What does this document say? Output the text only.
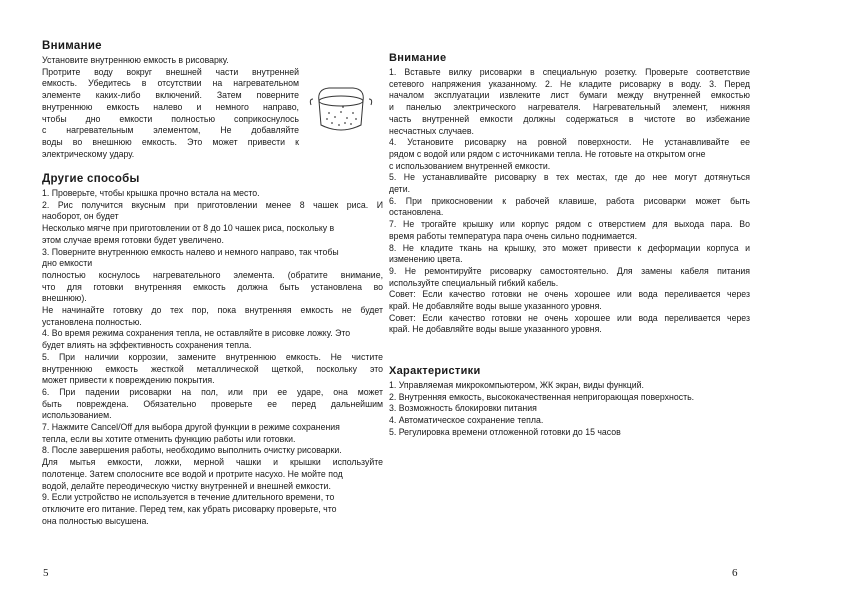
Внимание
Установите внутреннюю емкость в рисоварку.
Протрите воду вокруг внешней части внутренней
емкость. Убедитесь в отсутствии на нагревательном
элементе каких-либо включений. Затем поверните
внутреннюю емкость налево и немного направо,
чтобы дно емкости полностью соприкоснулось
с нагревательным элементом, Не добавляйте
воды во внешнюю емкость. Это может привести к
электрическому удару.
Другие способы
1. Проверьте, чтобы крышка прочно встала на место.
2. Рис получится вкусным при приготовлении менее 8 чашек риса. И
наоборот, он будет
Несколько мягче при приготовлении от 8 до 10 чашек риса, поскольку в
этом случае время готовки будет увеличено.
3. Поверните внутреннюю емкость налево и немного направо, так чтобы
дно емкости
полностью коснулось нагревательного элемента. (обратите внимание,
что для готовки внутренняя емкость должна быть установлена во
внешнюю).
Не начинайте готовку до тех пор, пока внутренняя емкость не будет
установлена полностью.
4. Во время режима сохранения тепла, не оставляйте в рисовке ложку. Это
будет влиять на эффективность сохранения тепла.
5. При наличии коррозии, замените внутреннюю емкость. Не чистите
внутреннюю емкость жесткой металлической щеткой, поскольку это
может привести к повреждению покрытия.
6. При падении рисоварки на пол, или при ее ударе, она может
быть повреждена. Обязательно проверьте ее перед дальнейшим
использованием.
7. Нажмите Cancel/Off для выбора другой функции в режиме сохранения
тепла, если вы хотите отменить функцию работы или готовки.
8. После завершения работы, необходимо выполнить очистку рисоварки.
Для мытья емкости, ложки, мерной чашки и крышки используйте
полотенце. Затем сполосните все водой и протрите насухо. Не мойте под
водой, делайте переодическую чистку внутренней и внешней емкости.
9. Если устройство не используется в течение длительного времени, то
отключите его питание. Перед тем, как убрать рисоварку проверьте, что
она полностью высушена.
5
Внимание
1. Вставьте вилку рисоварки в специальную розетку. Проверьте соответствие
сетевого напряжения указанному. 2. Не кладите рисоварку в воду. 3. Перед
началом эксплуатации извлеките лист бумаги между внутренней емкостью
и панелью электрического нагревателя. Нагревательный элемент, нижняя
часть внутренней емкости должны содержаться в чистоте во избежание
несчастных случаев.
4. Установите рисоварку на ровной поверхности. Не устанавливайте ее
рядом с водой или рядом с источниками тепла. Не готовьте на открытом огне
с использованием внутренней емкости.
5. Не устанавливайте рисоварку в тех местах, где до нее могут дотянуться
дети.
6. При прикосновении к рабочей клавише, работа рисоварки может быть
остановлена.
7. Не трогайте крышку или корпус рядом с отверстием для выхода пара. Во
время работы температура пара очень сильно поднимается.
8. Не кладите ткань на крышку, это может привести к деформации корпуса и
изменению цвета.
9. Не ремонтируйте рисоварку самостоятельно. Для замены кабеля питания
используйте специальный гибкий кабель.
Совет: Если качество готовки не очень хорошее или вода переливается через
край. Не добавляйте воды выше указанного уровня.
Совет: Если качество готовки не очень хорошее или вода переливается через
край. Не добавляйте воды выше указанного уровня.
Характеристики
1. Управляемая микрокомпьютером, ЖК экран, виды функций.
2. Внутренняя емкость, высококачественная непригорающая поверхность.
3. Возможность блокировки питания
4. Автоматическое сохранение тепла.
5. Регулировка времени отложенной готовки до 15 часов
6
